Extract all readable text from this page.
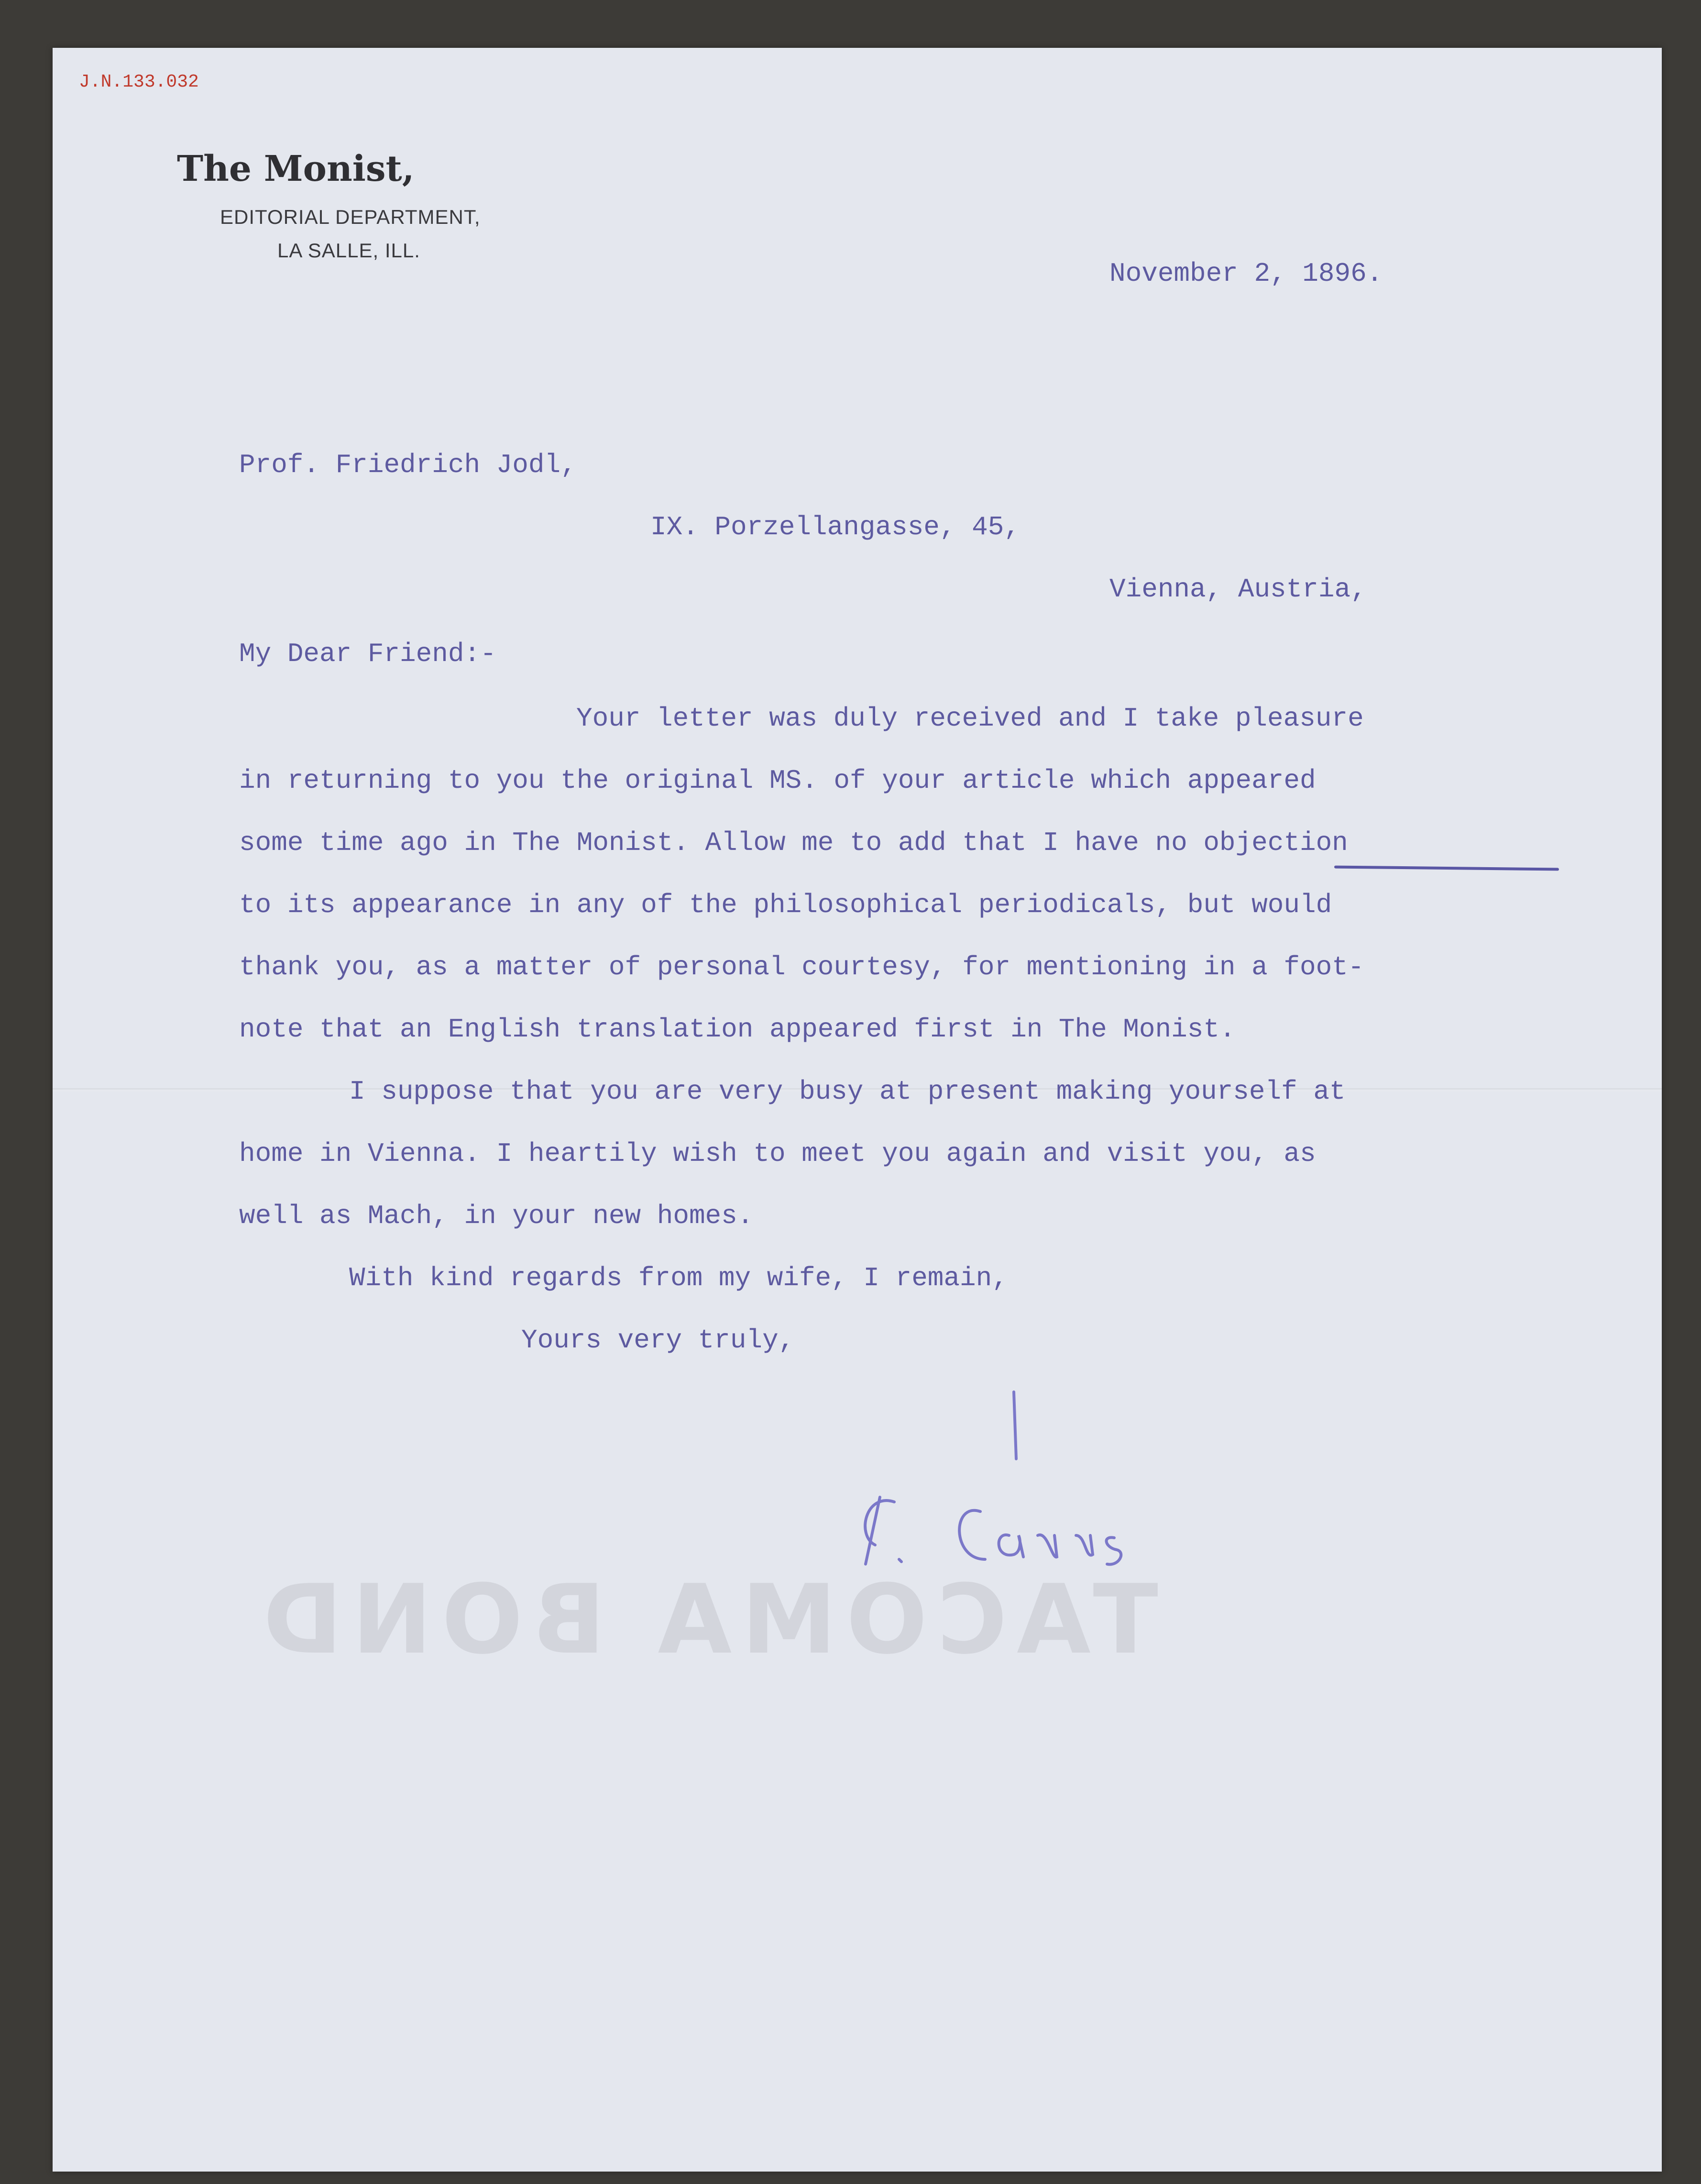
J.N.133.032
The Monist,
EDITORIAL DEPARTMENT,
LA SALLE, ILL.
November 2, 1896.
Prof. Friedrich Jodl,
IX. Porzellangasse, 45,
Vienna, Austria,
My Dear Friend:-
Your letter was duly received and I take pleasure
in returning to you the original MS. of your article which appeared
some time ago in The Monist. Allow me to add that I have no objection
to its appearance in any of the philosophical periodicals, but would
thank you, as a matter of personal courtesy, for mentioning in a foot-
note that an English translation appeared first in The Monist.
I suppose that you are very busy at present making yourself at
home in Vienna. I heartily wish to meet you again and visit you, as
well as Mach, in your new homes.
With kind regards from my wife, I remain,
Yours very truly,
TACOMA BOND
